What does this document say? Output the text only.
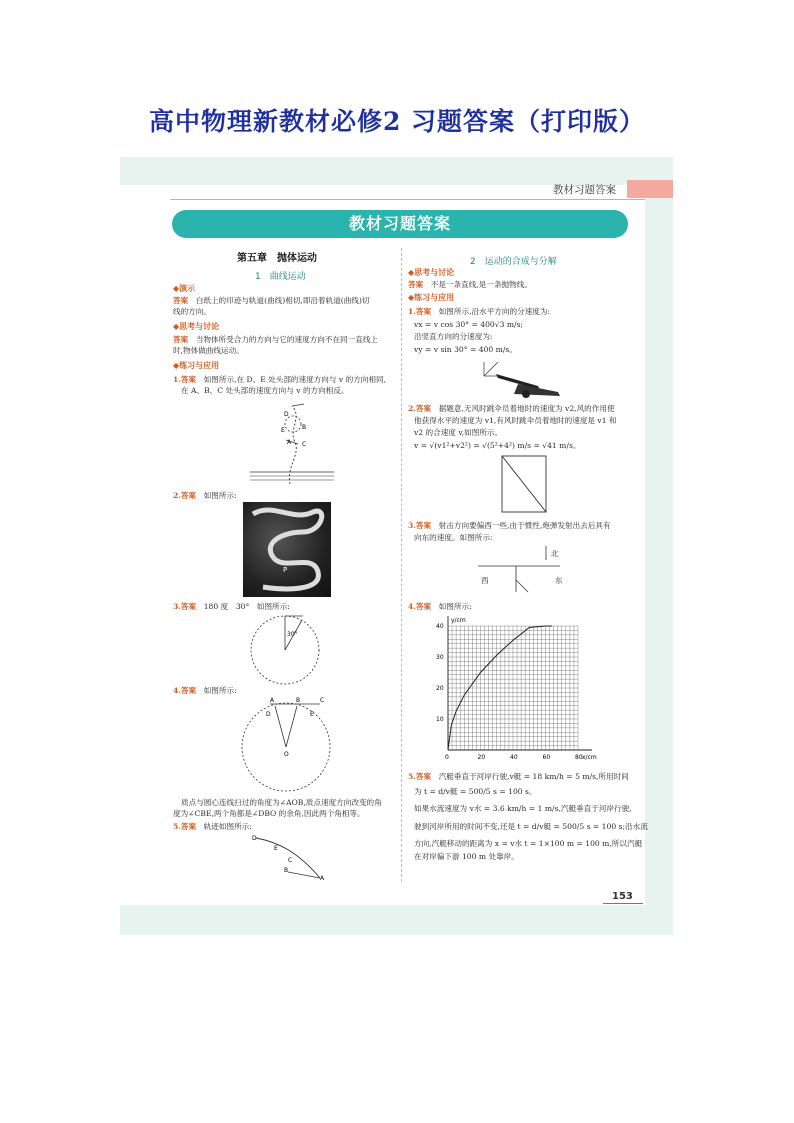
高中物理新教材必修2 习题答案（打印版）
教材习题答案
教材习题答案
第五章　抛体运动
1　曲线运动
◆演示
答案　 白纸上的印迹与轨道(曲线)相切,即沿着轨道(曲线)切
线的方向。
◆思考与讨论
答案　 当物体所受合力的方向与它的速度方向不在同一直线上
时,物体做曲线运动。
◆练习与应用
1.答案　 如图所示,在 D、E 处头部的速度方向与 v 的方向相同,
在 A、B、C 处头部的速度方向与 v 的方向相反。
D
E
A C
B
2.答案　 如图所示:
P
3.答案　 180 度　30°　如图所示:
30°
4.答案　 如图所示:
A	B	C
D	E
O
质点与圆心连线扫过的角度为∠AOB,质点速度方向改变的角
度为∠CBE,两个角都是∠DBO 的余角,因此两个角相等。
5.答案　 轨迹如图所示:
D
E
C
B
A
2　运动的合成与分解
◆思考与讨论
答案　 不是一条直线,是一条抛物线。
◆练习与应用
1.答案　 如图所示,沿水平方向的分速度为:
vx = v cos 30° = 400√3 m/s;
沿竖直方向的分速度为:
vy = v sin 30° = 400 m/s。
2.答案　 据题意,无风时跳伞员着地时的速度为 v2,风的作用使
他获得水平的速度为 v1,有风时跳伞员着地时的速度是 v1 和
v2 的合速度 v,如图所示。
v = √(v1²+v2²) = √(5²+4²) m/s = √41 m/s。
3.答案　 射击方向要偏西一些,由于惯性,炮弹发射出去后具有
向东的速度。如图所示:
北
西	东
4.答案　 如图所示:
0	20	40	60	80
10
20
30
40
x/cm
y/cm
5.答案　 汽艇垂直于河岸行驶,v艇 = 18 km/h = 5 m/s,所用时间
为 t = d/v艇 = 500/5 s = 100 s。
如果水流速度为 v水 = 3.6 km/h = 1 m/s,汽艇垂直于河岸行驶,
驶到河岸所用的时间不变,还是 t = d/v艇 = 500/5 s = 100 s;沿水流
方向,汽艇移动的距离为 x = v水 t = 1×100 m = 100 m,所以汽艇
在对岸偏下游 100 m 处靠岸。
153
